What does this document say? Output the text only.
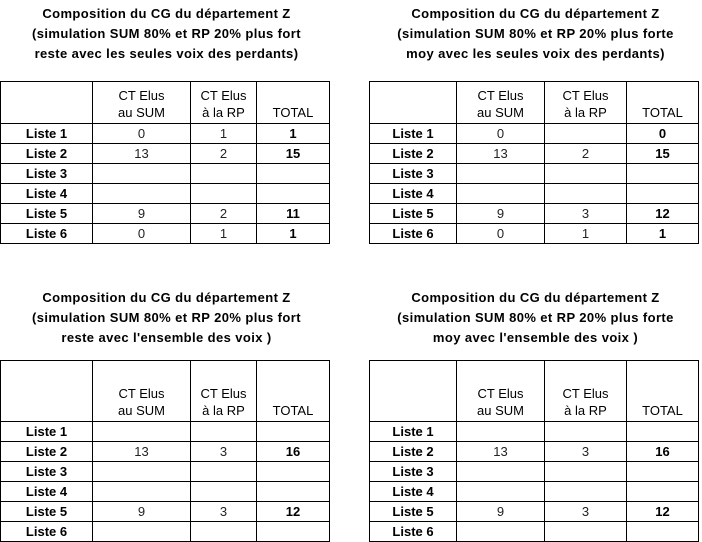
Composition du CG du département Z
(simulation SUM 80% et RP 20% plus fort
reste avec les seules voix des perdants)
	CT Elus
au SUM	CT Elus
à la RP	TOTAL
Liste 1	0	1	1
Liste 2	13	2	15
Liste 3			
Liste 4			
Liste 5	9	2	11
Liste 6	0	1	1
Composition du CG du département Z
(simulation SUM 80% et RP 20% plus forte
moy avec les seules voix des perdants)
	CT Elus
au SUM	CT Elus
à la RP	TOTAL
Liste 1	0		0
Liste 2	13	2	15
Liste 3			
Liste 4			
Liste 5	9	3	12
Liste 6	0	1	1
Composition du CG du département Z
(simulation SUM 80% et RP 20% plus fort
reste avec l'ensemble des voix )
	CT Elus
au SUM	CT Elus
à la RP	TOTAL
Liste 1			
Liste 2	13	3	16
Liste 3			
Liste 4			
Liste 5	9	3	12
Liste 6			
Composition du CG du département Z
(simulation SUM 80% et RP 20% plus forte
moy avec l'ensemble des voix )
	CT Elus
au SUM	CT Elus
à la RP	TOTAL
Liste 1			
Liste 2	13	3	16
Liste 3			
Liste 4			
Liste 5	9	3	12
Liste 6			
